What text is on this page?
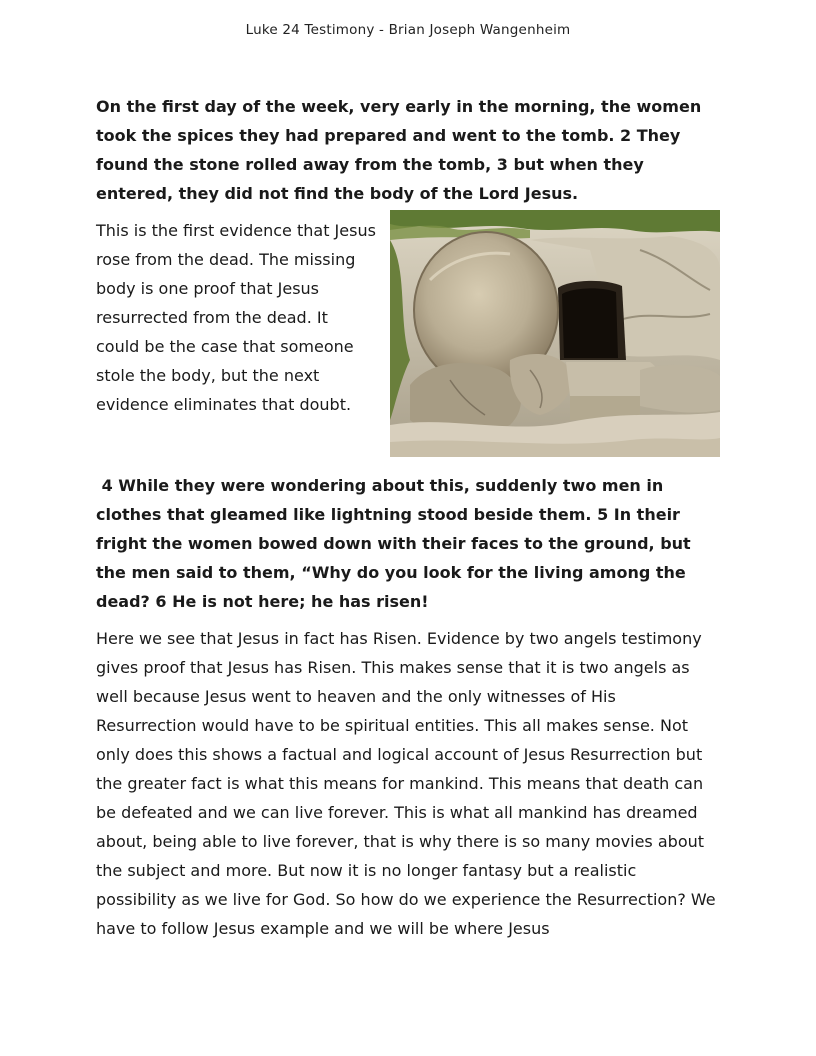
Luke 24 Testimony - Brian Joseph Wangenheim

On the first day of the week, very early in the morning, the women took the spices they had prepared and went to the tomb. 2 They found the stone rolled away from the tomb, 3 but when they entered, they did not find the body of the Lord Jesus.

This is the first evidence that Jesus rose from the dead. The missing body is one proof that Jesus resurrected from the dead. It could be the case that someone stole the body, but the next evidence eliminates that doubt.

4 While they were wondering about this, suddenly two men in clothes that gleamed like lightning stood beside them. 5 In their fright the women bowed down with their faces to the ground, but the men said to them, “Why do you look for the living among the dead? 6 He is not here; he has risen!

Here we see that Jesus in fact has Risen. Evidence by two angels testimony gives proof that Jesus has Risen. This makes sense that it is two angels as well because Jesus went to heaven and the only witnesses of His Resurrection would have to be spiritual entities. This all makes sense. Not only does this shows a factual and logical account of Jesus Resurrection but the greater fact is what this means for mankind. This means that death can be defeated and we can live forever. This is what all mankind has dreamed about, being able to live forever, that is why there is so many movies about the subject and more. But now it is no longer fantasy but a realistic possibility as we live for God. So how do we experience the Resurrection? We have to follow Jesus example and we will be where Jesus
